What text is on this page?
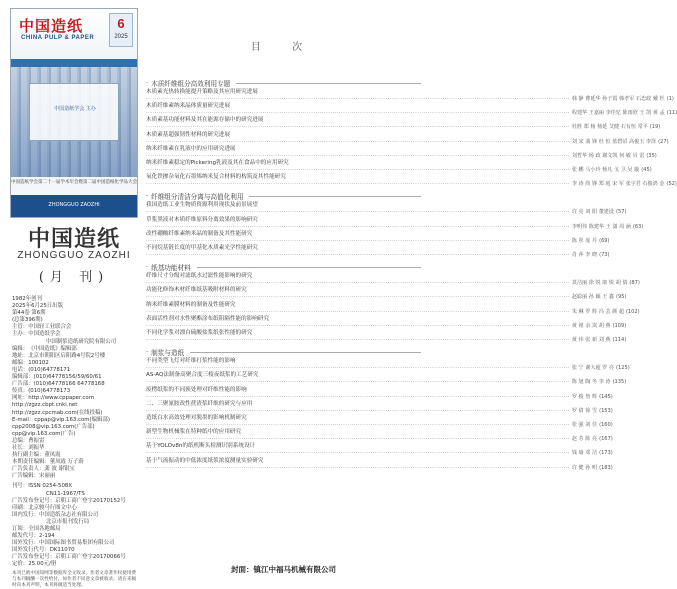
中国造纸
CHINA PULP & PAPER
6
2025
中国造纸学会 主办
中国造纸学会第二十一届学术年会暨第二届中国造纸化学品大会
ZHONGGUO ZAOZHI
中国造纸
ZHONGGUO ZAOZHI
(月 刊)
1982年创刊
2025年6月25日出版
第44卷 第6期
(总第396期)
主管： 中国轻工业联合会
主办： 中国造纸学会
中国制浆造纸研究院有限公司
编辑： 《中国造纸》编辑部
地址： 北京市朝阳区启阳路4号院2号楼
邮编： 100102
电话： (010)64778171
编辑部： (010)64778156/59/60/61
广告部： (010)64778166 64778168
传真： (010)64778173
网址： http://www.cppaper.com
http://zgzz.cbpt.cnki.net
http://zgzz.cpcmab.com(在线投稿)
E-mail： cppap@vip.163.com(编辑部)
cpp2008@vip.163.com(广告部)
cpp@vip.163.com(广告)
总编： 曹振雷
社长： 刘振华
执行副主编： 董凤霞
本期责任编辑： 董凤霞 万子蔚
广告负责人： 龚 波 谢银宝
广告编辑： 宋丽丽
刊号： ISSN 0254-508X
CN11-1967/TS
广告发布登记号： 京朝工商广登字20170152号
印刷： 北京骏马行图文中心
国内发行： 中国造纸杂志社有限公司
北京市报刊发行局
订阅： 全国各地邮局
邮发代号： 2-194
国外发行： 中国国际图书贸易集团有限公司
国外发行代号： DK11070
广告发布登记号： 京朝工商广登字20170066号
定价： 25.00元/册
本刊已被中国知网等数据库全文收录，作者文章著作权使用费与本刊稿酬一次性给付，如作者不同意文章被收录，请在来稿时向本刊声明，本刊将做适当处理。
目 次
· 木质纤维组分高效利用专题
木质素光热转换能提升策略及其应用研究进展
········································································································································································································ 韩 静 曹延华 孙子霞 韩孝军 石忠政 戴 杜 (1)
木质纤维素纳米晶体质量研究进展
········································································································································································································ 程建华 王嘉丽 李佳忆 陈雨欣 王 凯 黄 孟 (11)
木质素基功能材料及其在能源存储中的研究进展
········································································································································································································ 杜胜 郑 杨 杨延 艾健 石有恒 常平 (19)
木质素基超强韧性材料的研究进展
········································································································································································································ 刘 宋 翡 锋 杜 恒 蓝碧沼 高俊玉 李泽 (27)
纳米纤维素在乳液中的应用研究进展
········································································································································································································ 刘哲华 杨 政 谢文凯 何 敏 贝 雷 (35)
纳米纤维素稳定的Pickering乳液及其在食品中的应用研究
········································································································································································································ 张 鹏 马小玲 杨凡 戈 卫 吴 璇 (45)
氧化铁掺杂氧化石墨烯纳米复合材料的构筑及其性能研究
········································································································································································································ 李 涛 尚 锋 郑 庭 宋 军 张宇君 石俊鸿 金 (52)
· 纤维组分清洁分离与高值化利用
我国造纸工业生物质资源利用现状及前景展望
········································································································································································································ 许 亮 刘 阳 董建设 (57)
草浆黑液对木质纤维原料分离效果的影响研究
········································································································································································································ 李明伟 陈建华 王 潇 周 涵 (63)
改性硼酸纤维素纳米晶的制备及其性能研究
········································································································································································································ 陈 彤 庞 丹 (69)
不同烷基链长度的甲基化木质素光学性能研究
········································································································································································································ 肖 萍 李 晓 (73)
· 纸基功能材料
纤维尺寸分级对滤纸水过滤性能影响的研究
········································································································································································································ 莫洁丽 徐 锐 康 锐 胡 倩 (87)
功能化修饰木材纤维纸基吸附材料的研究
········································································································································································································ 赵聪丽 孙 颖 王 鑫 (95)
纳米纤维素膜材料的制备及性能研究
········································································································································································································ 朱 琳 罗 辉 冯 芸 颜 超 (102)
表面活性剂对水性聚酯涂布纸阻隔性能的影响研究
········································································································································································································ 黄 铭 余 岚 胡 燕 (109)
不同化学浆对漂白硫酸盐浆纸张性能的研究
········································································································································································································ 黄 伟 张 新 刘 燕 (114)
· 制浆与造纸
不同类型飞灯对纤维打浆性能的影响
········································································································································································································ 张 宁 谢大超 罗 亮 (125)
AS-AQ法制备高聚合度三棱夜纸浆的工艺研究
········································································································································································································ 陈 旭 陶 冬 李 涛 (135)
废楞纸浆的不同预处理对纤维性能的影响
········································································································································································································ 罗 俊 詹 辉 (145)
二、三聚氰胺改性蔗渣浆纤维的研究与应用
········································································································································································································ 罗 倩 徐 雪 (153)
造纸白水高效处理对脱墨的影响机制研究
········································································································································································································ 张 强 刘 佳 (160)
新型生物机械浆在特种纸中的应用研究
········································································································································································································ 赵 芳 陈 亮 (167)
基于YOLOv8n的纸机断头检测识别系统设计
········································································································································································································ 钱 瑜 邓 洁 (173)
基于气流振动的中低浓度纸浆浓度测量实验研究
········································································································································································································ 许 健 孙 明 (183)
封面：镇江中福马机械有限公司
